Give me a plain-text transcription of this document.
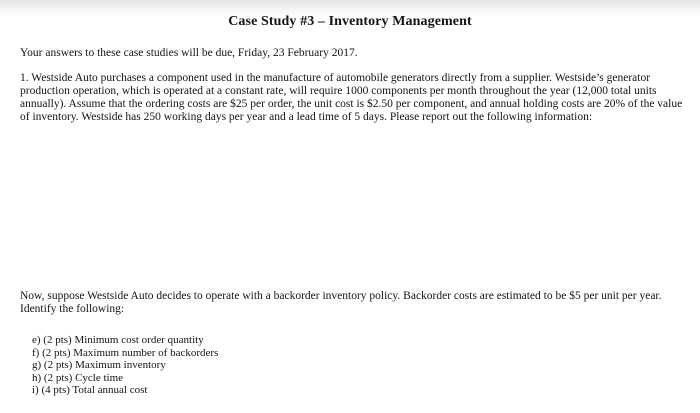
Case Study #3 – Inventory Management

Your answers to these case studies will be due, Friday, 23 February 2017.

1. Westside Auto purchases a component used in the manufacture of automobile generators directly from a supplier. Westside’s generator production operation, which is operated at a constant rate, will require 1000 components per month throughout the year (12,000 total units annually). Assume that the ordering costs are $25 per order, the unit cost is $2.50 per component, and annual holding costs are 20% of the value of inventory. Westside has 250 working days per year and a lead time of 5 days. Please report out the following information:

Now, suppose Westside Auto decides to operate with a backorder inventory policy. Backorder costs are estimated to be $5 per unit per year. Identify the following:

e) (2 pts) Minimum cost order quantity
f) (2 pts) Maximum number of backorders
g) (2 pts) Maximum inventory
h) (2 pts) Cycle time
i) (4 pts) Total annual cost
